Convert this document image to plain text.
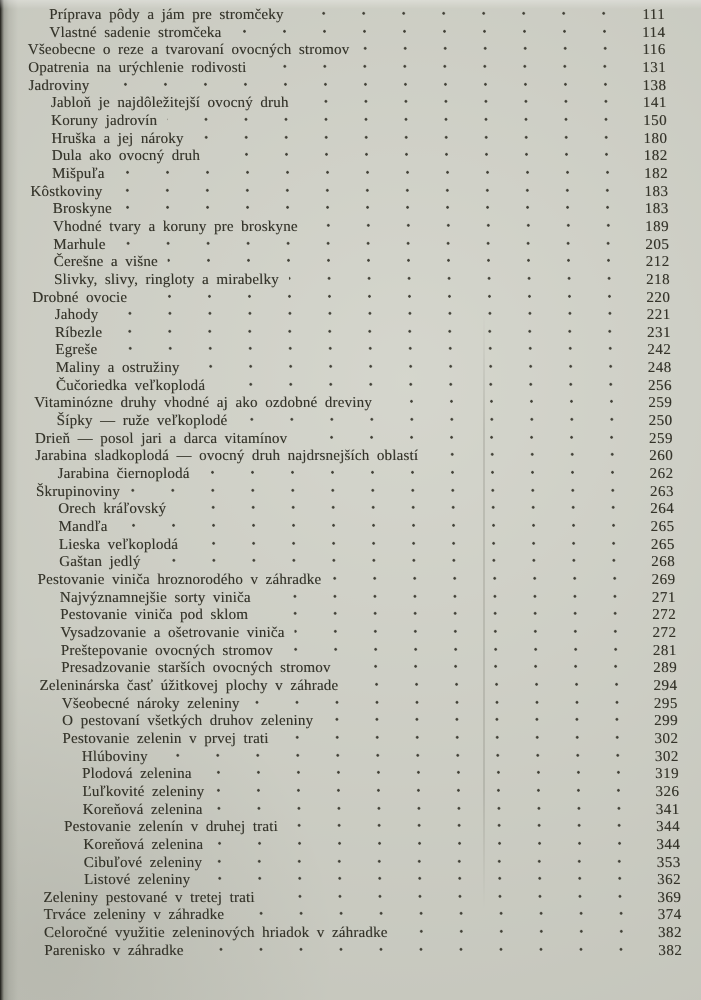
Príprava pôdy a jám pre stromčeky	111
Vlastné sadenie stromčeka	114
Všeobecne o reze a tvarovaní ovocných stromov	116
Opatrenia na urýchlenie rodivosti	131
Jadroviny	138
Jabloň je najdôležitejší ovocný druh	141
Koruny jadrovín	150
Hruška a jej nároky	180
Dula ako ovocný druh	182
Mišpuľa	182
Kôstkoviny	183
Broskyne	183
Vhodné tvary a koruny pre broskyne	189
Marhule	205
Čerešne a višne	212
Slivky, slivy, ringloty a mirabelky	218
Drobné ovocie	220
Jahody	221
Ríbezle	231
Egreše	242
Maliny a ostružiny	248
Čučoriedka veľkoplodá	256
Vitaminózne druhy vhodné aj ako ozdobné dreviny	259
Šípky — ruže veľkoplodé	250
Drieň — posol jari a darca vitamínov	259
Jarabina sladkoplodá — ovocný druh najdrsnejších oblastí	260
Jarabina čiernoplodá	262
Škrupinoviny	263
Orech kráľovský	264
Mandľa	265
Lieska veľkoplodá	265
Gaštan jedlý	268
Pestovanie viniča hroznorodého v záhradke	269
Najvýznamnejšie sorty viniča	271
Pestovanie viniča pod sklom	272
Vysadzovanie a ošetrovanie viniča	272
Preštepovanie ovocných stromov	281
Presadzovanie starších ovocných stromov	289
Zeleninárska časť úžitkovej plochy v záhrade	294
Všeobecné nároky zeleniny	295
O pestovaní všetkých druhov zeleniny	299
Pestovanie zelenin v prvej trati	302
Hlúboviny	302
Plodová zelenina	319
Ľuľkovité zeleniny	326
Koreňová zelenina	341
Pestovanie zelenín v druhej trati	344
Koreňová zelenina	344
Cibuľové zeleniny	353
Listové zeleniny	362
Zeleniny pestované v tretej trati	369
Trváce zeleniny v záhradke	374
Celoročné využitie zeleninových hriadok v záhradke	382
Parenisko v záhradke	382
